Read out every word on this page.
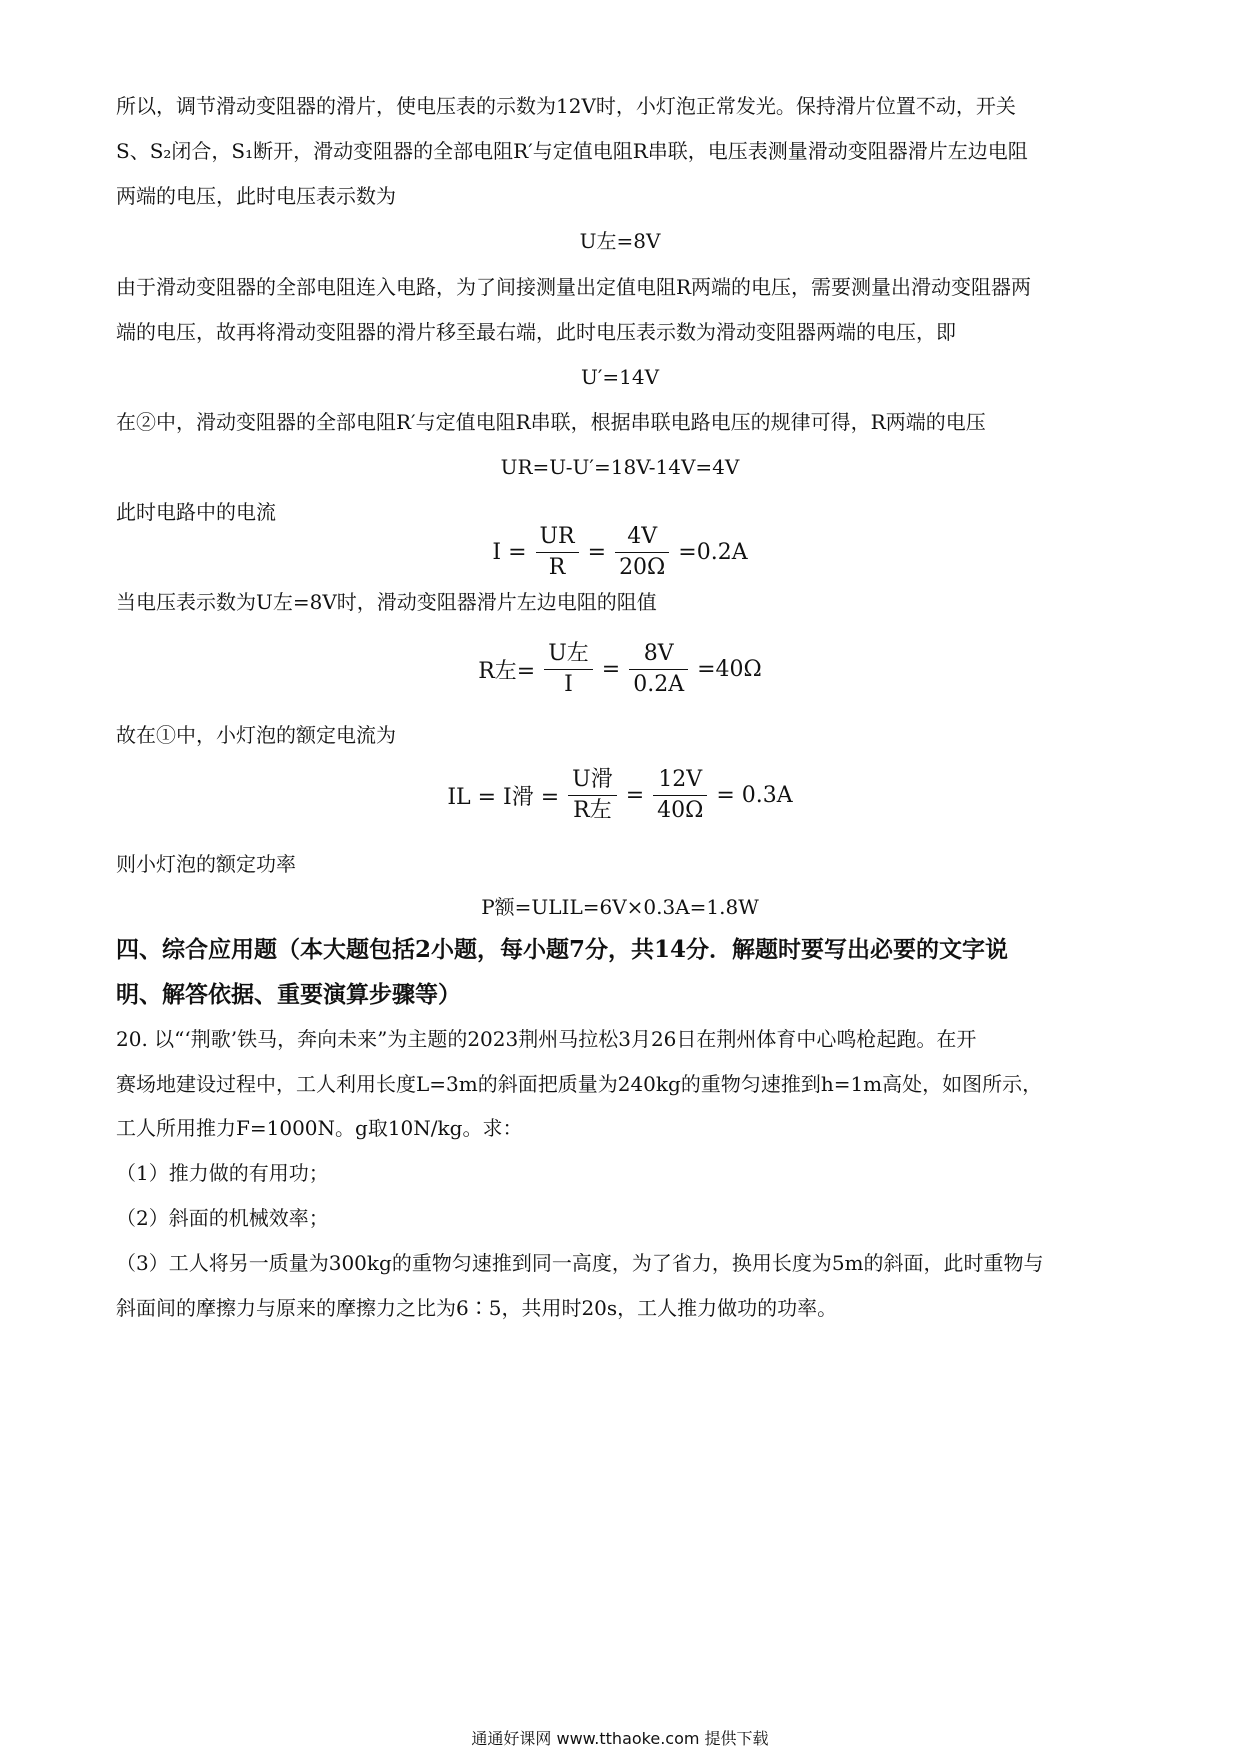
所以，调节滑动变阻器的滑片，使电压表的示数为12V时，小灯泡正常发光。保持滑片位置不动，开关
S、S₂闭合，S₁断开，滑动变阻器的全部电阻R′与定值电阻R串联，电压表测量滑动变阻器滑片左边电阻
两端的电压，此时电压表示数为
U左=8V
由于滑动变阻器的全部电阻连入电路，为了间接测量出定值电阻R两端的电压，需要测量出滑动变阻器两
端的电压，故再将滑动变阻器的滑片移至最右端，此时电压表示数为滑动变阻器两端的电压，即
U′=14V
在②中，滑动变阻器的全部电阻R′与定值电阻R串联，根据串联电路电压的规律可得，R两端的电压
UR=U-U′=18V-14V=4V
此时电路中的电流
$I = \frac{UR}{R} = \frac{4V}{20\Omega} =0.2A$
当电压表示数为U左=8V时，滑动变阻器滑片左边电阻的阻值
R左= $\frac{\text{U左}}{I} = \frac{8V}{0.2A} =40\Omega$
故在①中，小灯泡的额定电流为
IL = I滑 = $\frac{\text{U滑}}{\text{R左}} = \frac{12V}{40\Omega} = 0.3A$
则小灯泡的额定功率
P额=ULIL=6V×0.3A=1.8W
四、综合应用题（本大题包括2小题，每小题7分，共14分．解题时要写出必要的文字说
明、解答依据、重要演算步骤等）
20. 以“‘荆歌’铁马，奔向未来”为主题的2023荆州马拉松3月26日在荆州体育中心鸣枪起跑。在开
赛场地建设过程中，工人利用长度L=3m的斜面把质量为240kg的重物匀速推到h=1m高处，如图所示，
工人所用推力F=1000N。g取10N/kg。求：
（1）推力做的有用功；
（2）斜面的机械效率；
（3）工人将另一质量为300kg的重物匀速推到同一高度，为了省力，换用长度为5m的斜面，此时重物与
斜面间的摩擦力与原来的摩擦力之比为6∶5，共用时20s，工人推力做功的功率。
通通好课网 www.tthaoke.com 提供下载
